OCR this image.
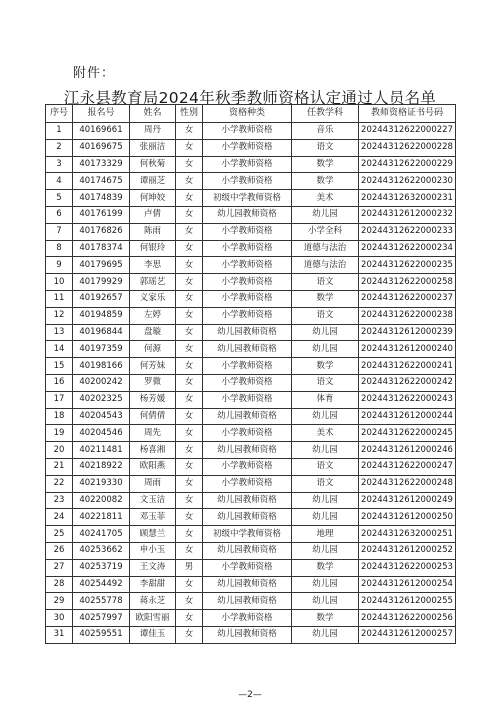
附件：
江永县教育局2024年秋季教师资格认定通过人员名单
序号	报名号	姓名	性别	资格种类	任教学科	教师资格证书号码
1	40169661	周丹	女	小学教师资格	音乐	20244312622000227
2	40169675	张丽洁	女	小学教师资格	语文	20244312622000228
3	40173329	何秋菊	女	小学教师资格	数学	20244312622000229
4	40174675	谭丽芝	女	小学教师资格	数学	20244312622000230
5	40174839	何坤姣	女	初级中学教师资格	美术	20244312632000231
6	40176199	卢倩	女	幼儿园教师资格	幼儿园	20244312612000232
7	40176826	陈雨	女	小学教师资格	小学全科	20244312622000233
8	40178374	何银玲	女	小学教师资格	道德与法治	20244312622000234
9	40179695	李思	女	小学教师资格	道德与法治	20244312622000235
10	40179929	郭瑶艺	女	小学教师资格	语文	20244312622000258
11	40192657	义家乐	女	小学教师资格	数学	20244312622000237
12	40194859	左婷	女	小学教师资格	语文	20244312622000238
13	40196844	盘璇	女	幼儿园教师资格	幼儿园	20244312612000239
14	40197359	何源	女	幼儿园教师资格	幼儿园	20244312612000240
15	40198166	何芳妹	女	小学教师资格	数学	20244312622000241
16	40200242	罗微	女	小学教师资格	语文	20244312622000242
17	40202325	杨芳媛	女	小学教师资格	体育	20244312622000243
18	40204543	何倩倩	女	幼儿园教师资格	幼儿园	20244312612000244
19	40204546	周先	女	小学教师资格	美术	20244312622000245
20	40211481	杨喜湘	女	幼儿园教师资格	幼儿园	20244312612000246
21	40218922	欧阳燕	女	小学教师资格	语文	20244312622000247
22	40219330	周雨	女	小学教师资格	语文	20244312622000248
23	40220082	文玉洁	女	幼儿园教师资格	幼儿园	20244312612000249
24	40221811	邓玉菲	女	幼儿园教师资格	幼儿园	20244312612000250
25	40241705	顾慧兰	女	初级中学教师资格	地理	20244312632000251
26	40253662	申小玉	女	幼儿园教师资格	幼儿园	20244312612000252
27	40253719	王文涛	男	小学教师资格	数学	20244312622000253
28	40254492	李甜甜	女	幼儿园教师资格	幼儿园	20244312612000254
29	40255778	蒋永芝	女	幼儿园教师资格	幼儿园	20244312612000255
30	40257997	欧阳雪丽	女	小学教师资格	数学	20244312622000256
31	40259551	谭佳玉	女	幼儿园教师资格	幼儿园	20244312612000257
—2—
